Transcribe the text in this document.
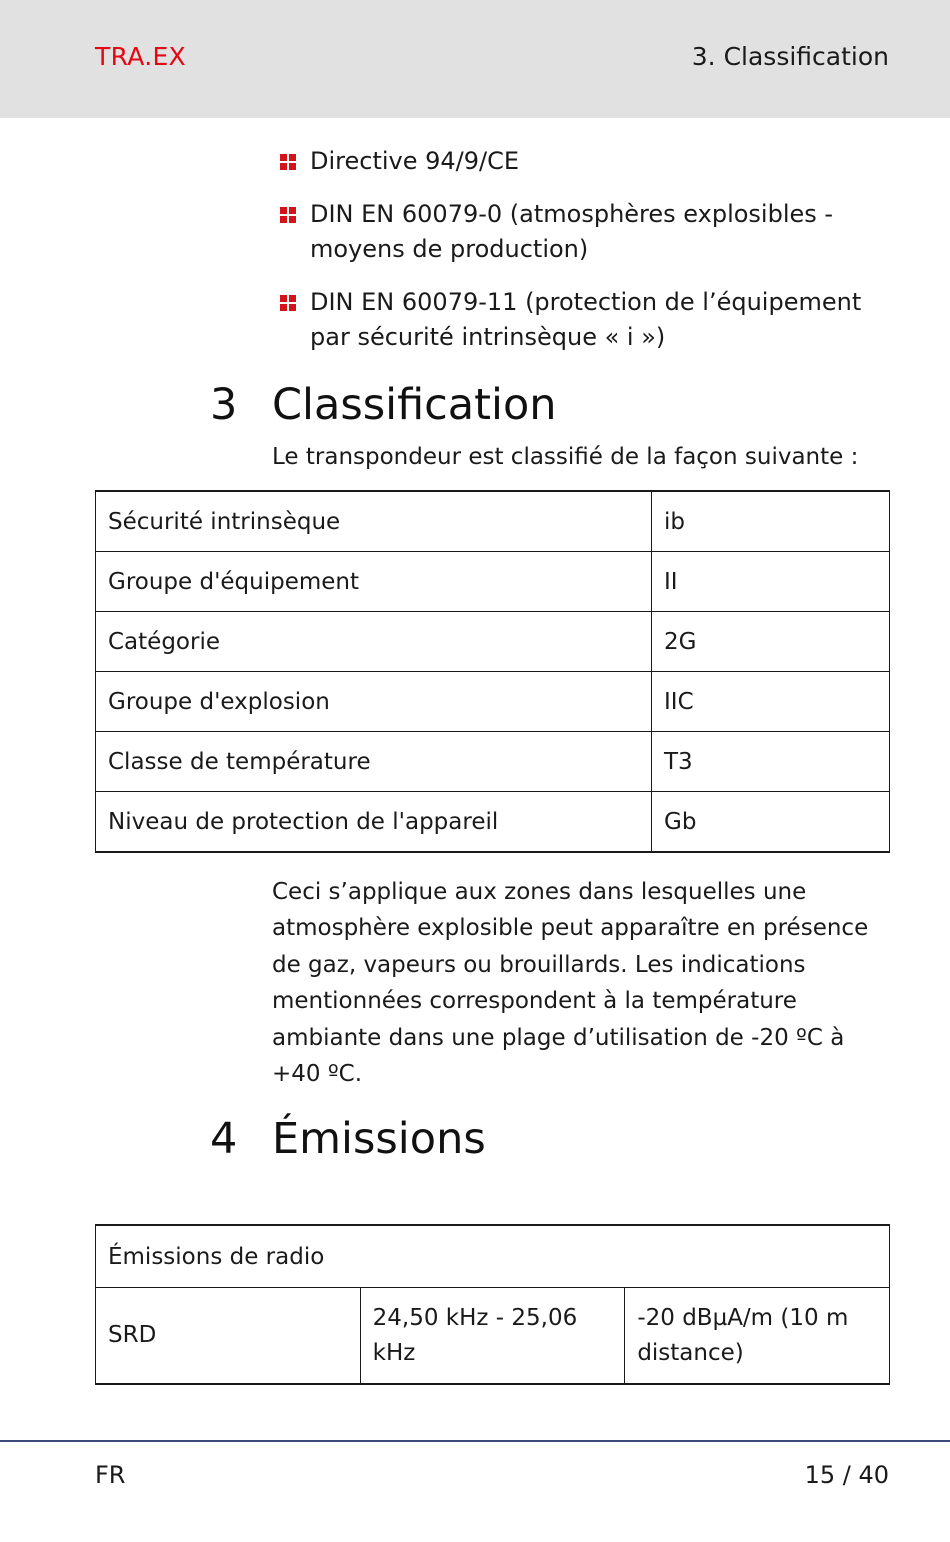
TRA.EX	3. Classification
Directive 94/9/CE
DIN EN 60079-0 (atmosphères explosibles - moyens de production)
DIN EN 60079-11 (protection de l’équipement par sécurité intrinsèque « i »)
3 Classification
Le transpondeur est classifié de la façon suivante :
Sécurité intrinsèque	ib
Groupe d'équipement	II
Catégorie	2G
Groupe d'explosion	IIC
Classe de température	T3
Niveau de protection de l'appareil	Gb
Ceci s’applique aux zones dans lesquelles une atmosphère explosible peut apparaître en présence de gaz, vapeurs ou brouillards. Les indications mentionnées correspondent à la température ambiante dans une plage d’utilisation de -20 ºC à +40 ºC.
4 Émissions
Émissions de radio
SRD	24,50 kHz - 25,06 kHz	-20 dBµA/m (10 m distance)
FR	15 / 40
